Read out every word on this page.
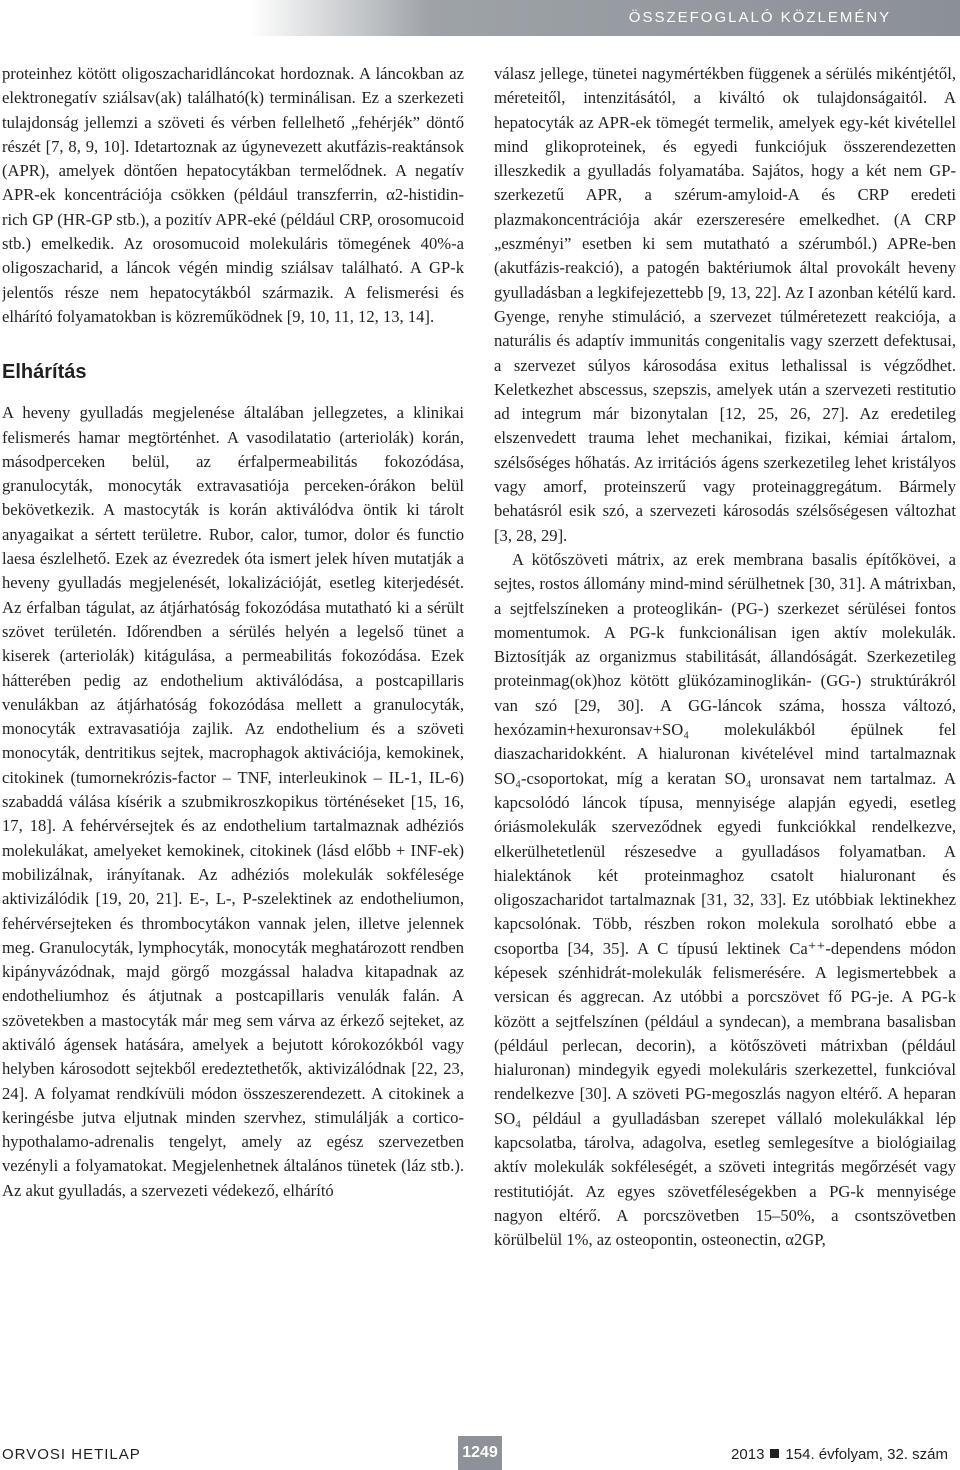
ÖSSZEFOGLALÓ KÖZLEMÉNY

proteinhez kötött oligoszacharidláncokat hordoznak. A láncokban az elektronegatív sziálsav(ak) található(k) terminálisan. Ez a szerkezeti tulajdonság jellemzi a szöveti és vérben fellelhető „fehérjék” döntő részét [7, 8, 9, 10]. Idetartoznak az úgynevezett akutfázis-reaktánsok (APR), amelyek döntően hepatocytákban termelődnek. A negatív APR-ek koncentrációja csökken (például transzferrin, α2-histidin-rich GP (HR-GP stb.), a pozitív APR-eké (például CRP, orosomucoid stb.) emelkedik. Az orosomucoid molekuláris tömegének 40%-a oligoszacharid, a láncok végén mindig sziálsav található. A GP-k jelentős része nem hepatocytákból származik. A felismerési és elhárító folyamatokban is közreműködnek [9, 10, 11, 12, 13, 14].

Elhárítás

A heveny gyulladás megjelenése általában jellegzetes, a klinikai felismerés hamar megtörténhet. A vasodilatatio (arteriolák) korán, másodperceken belül, az érfalpermeabilitás fokozódása, granulocyták, monocyták extravasatiója perceken-órákon belül bekövetkezik. A mastocyták is korán aktiválódva öntik ki tárolt anyagaikat a sértett területre. Rubor, calor, tumor, dolor és functio laesa észlelhető. Ezek az évezredek óta ismert jelek híven mutatják a heveny gyulladás megjelenését, lokalizációját, esetleg kiterjedését. Az érfalban tágulat, az átjárhatóság fokozódása mutatható ki a sérült szövet területén. Időrendben a sérülés helyén a legelső tünet a kiserek (arteriolák) kitágulása, a permeabilitás fokozódása. Ezek hátterében pedig az endothelium aktiválódása, a postcapillaris venulákban az átjárhatóság fokozódása mellett a granulocyták, monocyták extravasatiója zajlik. Az endothelium és a szöveti monocyták, dentritikus sejtek, macrophagok aktivációja, kemokinek, citokinek (tumornekrózis-factor – TNF, interleukinok – IL-1, IL-6) szabaddá válása kísérik a szubmikroszkopikus történéseket [15, 16, 17, 18]. A fehérvérsejtek és az endothelium tartalmaznak adhéziós molekulákat, amelyeket kemokinek, citokinek (lásd előbb + INF-ek) mobilizálnak, irányítanak. Az adhéziós molekulák sokfélesége aktivizálódik [19, 20, 21]. E-, L-, P-szelektinek az endotheliumon, fehérvérsejteken és thrombocytákon vannak jelen, illetve jelennek meg. Granulocyták, lymphocyták, monocyták meghatározott rendben kipányvázódnak, majd görgő mozgással haladva kitapadnak az endotheliumhoz és átjutnak a postcapillaris venulák falán. A szövetekben a mastocyták már meg sem várva az érkező sejteket, az aktiváló ágensek hatására, amelyek a bejutott kórokozókból vagy helyben károsodott sejtekből eredeztethetők, aktivizálódnak [22, 23, 24]. A folyamat rendkívüli módon összeszerendezett. A citokinek a keringésbe jutva eljutnak minden szervhez, stimulálják a cortico-hypothalamo-adrenalis tengelyt, amely az egész szervezetben vezényli a folyamatokat. Megjelenhetnek általános tünetek (láz stb.). Az akut gyulladás, a szervezeti védekező, elhárító

válasz jellege, tünetei nagymértékben függenek a sérülés mikéntjétől, méreteitől, intenzitásától, a kiváltó ok tulajdonságaitól. A hepatocyták az APR-ek tömegét termelik, amelyek egy-két kivétellel mind glikoproteinek, és egyedi funkciójuk összerendezetten illeszkedik a gyulladás folyamatába. Sajátos, hogy a két nem GP-szerkezetű APR, a szérum-amyloid-A és CRP eredeti plazmakoncentrációja akár ezerszeresére emelkedhet. (A CRP „eszményi” esetben ki sem mutatható a szérumból.) APRe-ben (akutfázis-reakció), a patogén baktériumok által provokált heveny gyulladásban a legkifejezettebb [9, 13, 22]. Az I azonban kétélű kard. Gyenge, renyhe stimuláció, a szervezet túlméretezett reakciója, a naturális és adaptív immunitás congenitalis vagy szerzett defektusai, a szervezet súlyos károsodása exitus lethalissal is végződhet. Keletkezhet abscessus, szepszis, amelyek után a szervezeti restitutio ad integrum már bizonytalan [12, 25, 26, 27]. Az eredetileg elszenvedett trauma lehet mechanikai, fizikai, kémiai ártalom, szélsőséges hőhatás. Az irritációs ágens szerkezetileg lehet kristályos vagy amorf, proteinszerű vagy proteinaggregátum. Bármely behatásról esik szó, a szervezeti károsodás szélsőségesen változhat [3, 28, 29].

A kötőszöveti mátrix, az erek membrana basalis építőkövei, a sejtes, rostos állomány mind-mind sérülhetnek [30, 31]. A mátrixban, a sejtfelszíneken a proteoglikán- (PG-) szerkezet sérülései fontos momentumok. A PG-k funkcionálisan igen aktív molekulák. Biztosítják az organizmus stabilitását, állandóságát. Szerkezetileg proteinmag(ok)hoz kötött glükózaminoglikán- (GG-) struktúrákról van szó [29, 30]. A GG-láncok száma, hossza változó, hexózamin+hexuronsav+SO₄ molekulákból épülnek fel diaszacharidokként. A hialuronan kivételével mind tartalmaznak SO₄-csoportokat, míg a keratan SO₄ uronsavat nem tartalmaz. A kapcsolódó láncok típusa, mennyisége alapján egyedi, esetleg óriásmolekulák szerveződnek egyedi funkciókkal rendelkezve, elkerülhetetlenül részesedve a gyulladásos folyamatban. A hialektánok két proteinmaghoz csatolt hialuronant és oligoszacharidot tartalmaznak [31, 32, 33]. Ez utóbbiak lektinekhez kapcsolónak. Több, részben rokon molekula sorolható ebbe a csoportba [34, 35]. A C típusú lektinek Ca⁺⁺-dependens módon képesek szénhidrát-molekulák felismerésére. A legismertebbek a versican és aggrecan. Az utóbbi a porcszövet fő PG-je. A PG-k között a sejtfelszínen (például a syndecan), a membrana basalisban (például perlecan, decorin), a kötőszöveti mátrixban (például hialuronan) mindegyik egyedi molekuláris szerkezettel, funkcióval rendelkezve [30]. A szöveti PG-megoszlás nagyon eltérő. A heparan SO₄ például a gyulladásban szerepet vállaló molekulákkal lép kapcsolatba, tárolva, adagolva, esetleg semlegesítve a biológiailag aktív molekulák sokféleségét, a szöveti integritás megőrzését vagy restitutióját. Az egyes szövetféleségekben a PG-k mennyisége nagyon eltérő. A porcszövetben 15–50%, a csontszövetben körülbelül 1%, az osteopontin, osteonectin, α2GP,

ORVOSI HETILAP	1249	2013 154. évfolyam, 32. szám
